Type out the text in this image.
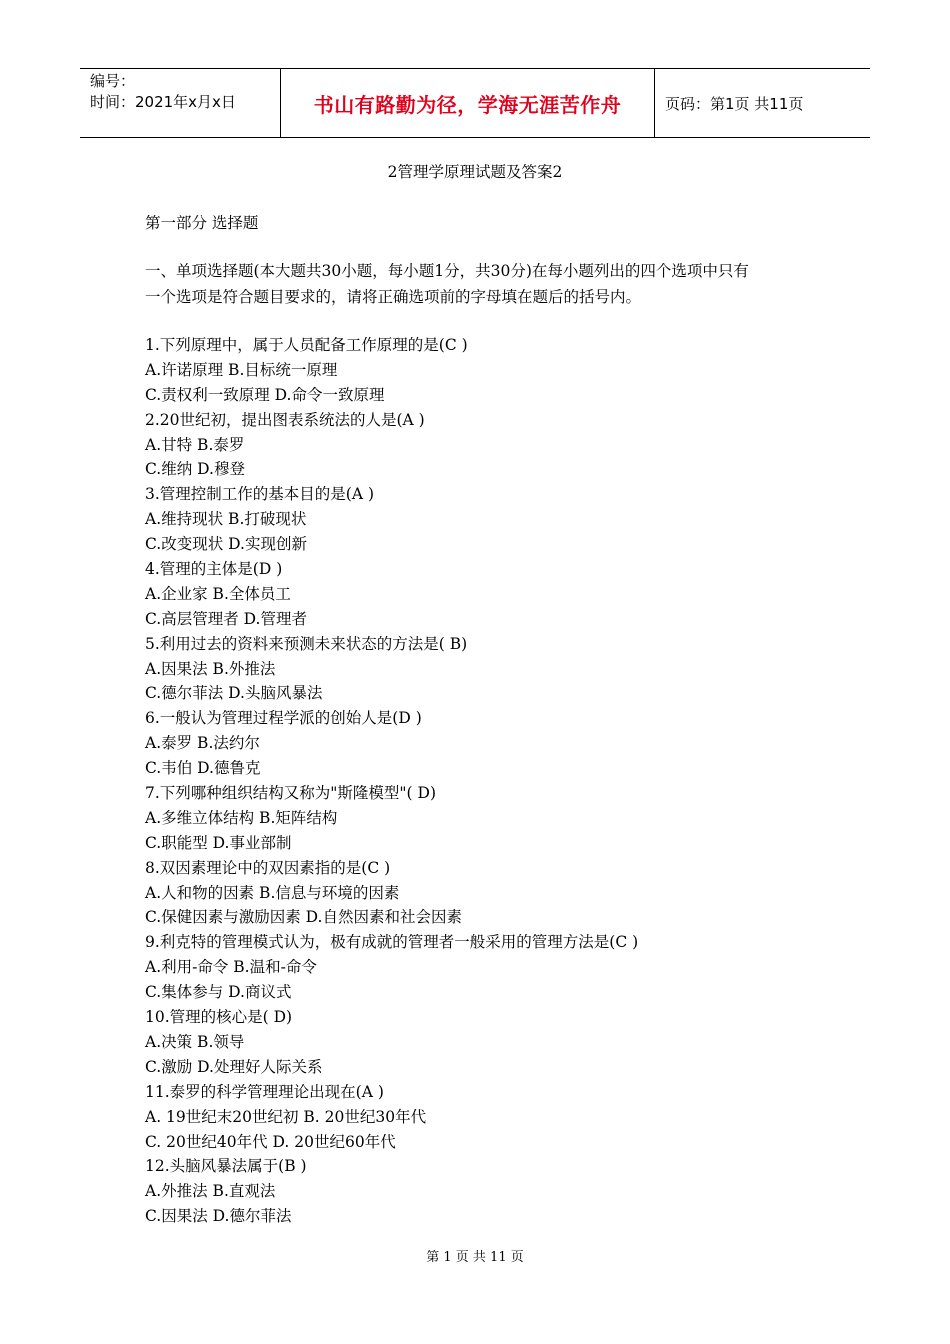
编号：
时间：2021年x月x日	书山有路勤为径，学海无涯苦作舟	页码：第1页 共11页
2管理学原理试题及答案2
第一部分 选择题
一、单项选择题(本大题共30小题，每小题1分，共30分)在每小题列出的四个选项中只有
一个选项是符合题目要求的，请将正确选项前的字母填在题后的括号内。
1.下列原理中，属于人员配备工作原理的是(C )
A.许诺原理 B.目标统一原理
C.责权利一致原理 D.命令一致原理
2.20世纪初，提出图表系统法的人是(A )
A.甘特 B.泰罗
C.维纳 D.穆登
3.管理控制工作的基本目的是(A )
A.维持现状 B.打破现状
C.改变现状 D.实现创新
4.管理的主体是(D )
A.企业家 B.全体员工
C.高层管理者 D.管理者
5.利用过去的资料来预测未来状态的方法是( B)
A.因果法 B.外推法
C.德尔菲法 D.头脑风暴法
6.一般认为管理过程学派的创始人是(D )
A.泰罗 B.法约尔
C.韦伯 D.德鲁克
7.下列哪种组织结构又称为"斯隆模型"( D)
A.多维立体结构 B.矩阵结构
C.职能型 D.事业部制
8.双因素理论中的双因素指的是(C )
A.人和物的因素 B.信息与环境的因素
C.保健因素与激励因素 D.自然因素和社会因素
9.利克特的管理模式认为，极有成就的管理者一般采用的管理方法是(C )
A.利用-命令 B.温和-命令
C.集体参与 D.商议式
10.管理的核心是( D)
A.决策 B.领导
C.激励 D.处理好人际关系
11.泰罗的科学管理理论出现在(A )
A. 19世纪末20世纪初 B. 20世纪30年代
C. 20世纪40年代 D. 20世纪60年代
12.头脑风暴法属于(B )
A.外推法 B.直观法
C.因果法 D.德尔菲法
第 1 页 共 11 页
